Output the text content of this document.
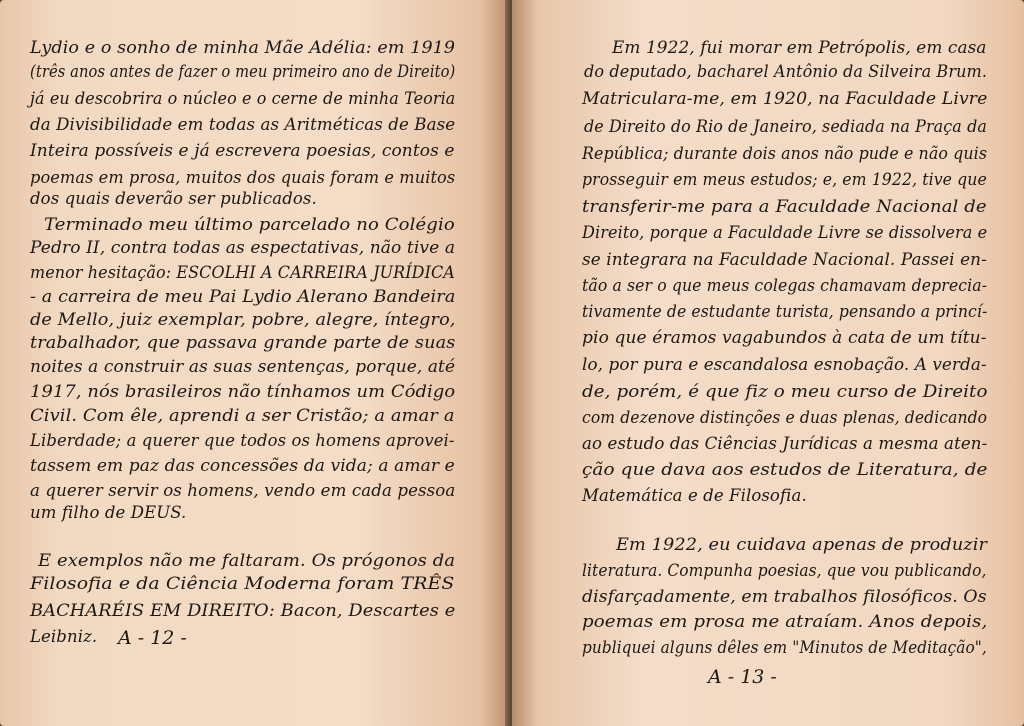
Lydio e o sonho de minha Mãe Adélia: em 1919
(três anos antes de fazer o meu primeiro ano de Direito)
já eu descobrira o núcleo e o cerne de minha Teoria
da Divisibilidade em todas as Aritméticas de Base
Inteira possíveis e já escrevera poesias, contos e
poemas em prosa, muitos dos quais foram e muitos
dos quais deverão ser publicados.
Terminado meu último parcelado no Colégio
Pedro II, contra todas as espectativas, não tive a
menor hesitação: ESCOLHI A CARREIRA JURÍDICA
- a carreira de meu Pai Lydio Alerano Bandeira
de Mello, juiz exemplar, pobre, alegre, íntegro,
trabalhador, que passava grande parte de suas
noites a construir as suas sentenças, porque, até
1917, nós brasileiros não tínhamos um Código
Civil. Com êle, aprendi a ser Cristão; a amar a
Liberdade; a querer que todos os homens aprovei-
tassem em paz das concessões da vida; a amar e
a querer servir os homens, vendo em cada pessoa
um filho de DEUS.
E exemplos não me faltaram. Os prógonos da
Filosofia e da Ciência Moderna foram TRÊS
BACHARÉIS EM DIREITO: Bacon, Descartes e
Leibniz. A - 12 -
Em 1922, fui morar em Petrópolis, em casa
do deputado, bacharel Antônio da Silveira Brum.
Matriculara-me, em 1920, na Faculdade Livre
de Direito do Rio de Janeiro, sediada na Praça da
República; durante dois anos não pude e não quis
prosseguir em meus estudos; e, em 1922, tive que
transferir-me para a Faculdade Nacional de
Direito, porque a Faculdade Livre se dissolvera e
se integrara na Faculdade Nacional. Passei en-
tão a ser o que meus colegas chamavam deprecia-
tivamente de estudante turista, pensando a princí-
pio que éramos vagabundos à cata de um títu-
lo, por pura e escandalosa esnobação. A verda-
de, porém, é que fiz o meu curso de Direito
com dezenove distinções e duas plenas, dedicando
ao estudo das Ciências Jurídicas a mesma aten-
ção que dava aos estudos de Literatura, de
Matemática e de Filosofia.
Em 1922, eu cuidava apenas de produzir
literatura. Compunha poesias, que vou publicando,
disfarçadamente, em trabalhos filosóficos. Os
poemas em prosa me atraíam. Anos depois,
publiquei alguns dêles em "Minutos de Meditação",
A - 13 -
